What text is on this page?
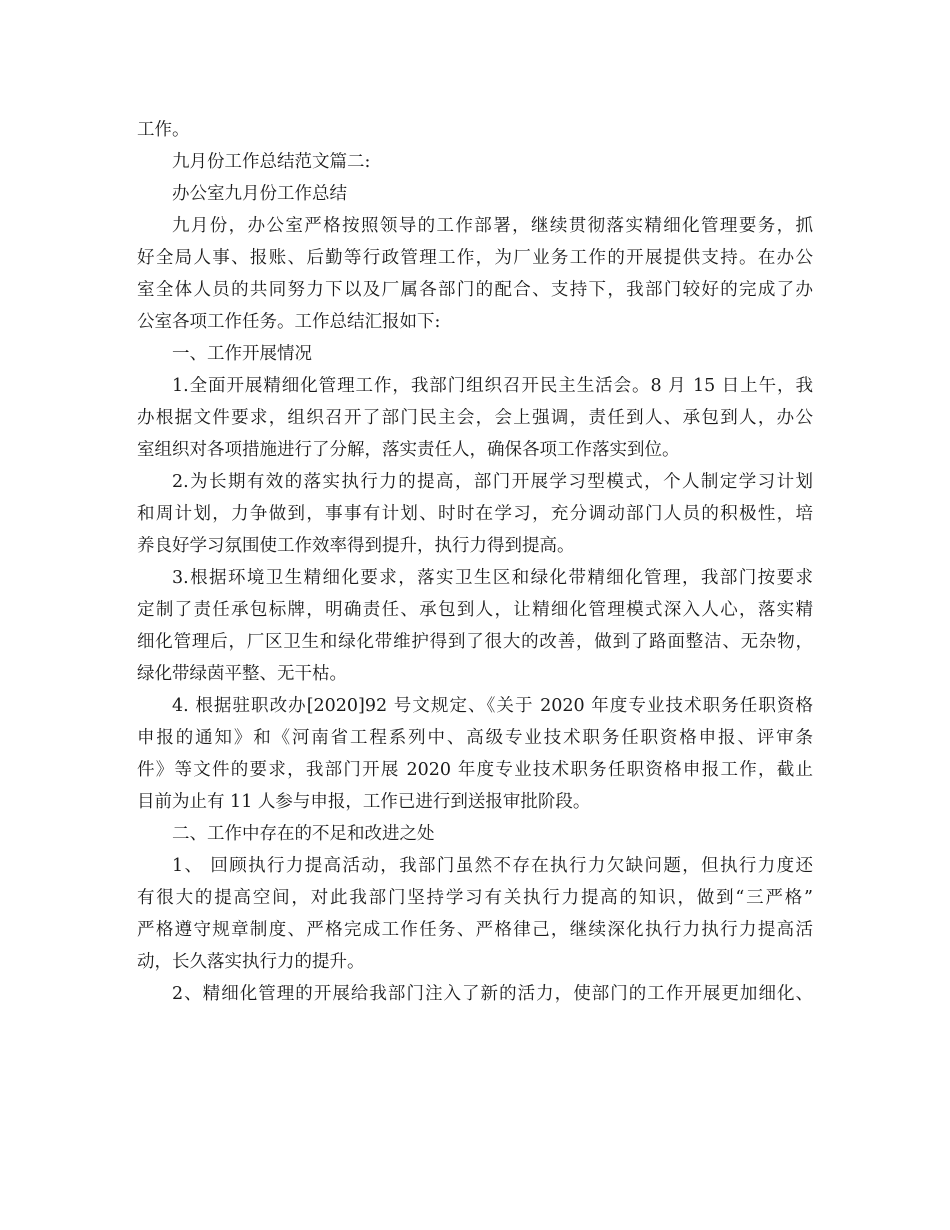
工作。
九月份工作总结范文篇二:
办公室九月份工作总结
九月份，办公室严格按照领导的工作部署，继续贯彻落实精细化管理要务，抓
好全局人事、报账、后勤等行政管理工作，为厂业务工作的开展提供支持。在办公
室全体人员的共同努力下以及厂属各部门的配合、支持下，我部门较好的完成了办
公室各项工作任务。工作总结汇报如下:
一、工作开展情况
1.全面开展精细化管理工作，我部门组织召开民主生活会。8 月 15 日上午，我
办根据文件要求，组织召开了部门民主会，会上强调，责任到人、承包到人，办公
室组织对各项措施进行了分解，落实责任人，确保各项工作落实到位。
2.为长期有效的落实执行力的提高，部门开展学习型模式，个人制定学习计划
和周计划，力争做到，事事有计划、时时在学习，充分调动部门人员的积极性，培
养良好学习氛围使工作效率得到提升，执行力得到提高。
3.根据环境卫生精细化要求，落实卫生区和绿化带精细化管理，我部门按要求
定制了责任承包标牌，明确责任、承包到人，让精细化管理模式深入人心，落实精
细化管理后，厂区卫生和绿化带维护得到了很大的改善，做到了路面整洁、无杂物，
绿化带绿茵平整、无干枯。
4. 根据驻职改办[2020]92 号文规定、《关于 2020 年度专业技术职务任职资格
申报的通知》和《河南省工程系列中、高级专业技术职务任职资格申报、评审条
件》等文件的要求，我部门开展 2020 年度专业技术职务任职资格申报工作，截止
目前为止有 11 人参与申报，工作已进行到送报审批阶段。
二、工作中存在的不足和改进之处
1、 回顾执行力提高活动，我部门虽然不存在执行力欠缺问题，但执行力度还
有很大的提高空间，对此我部门坚持学习有关执行力提高的知识，做到“三严格”
严格遵守规章制度、严格完成工作任务、严格律己，继续深化执行力执行力提高活
动，长久落实执行力的提升。
2、精细化管理的开展给我部门注入了新的活力，使部门的工作开展更加细化、
